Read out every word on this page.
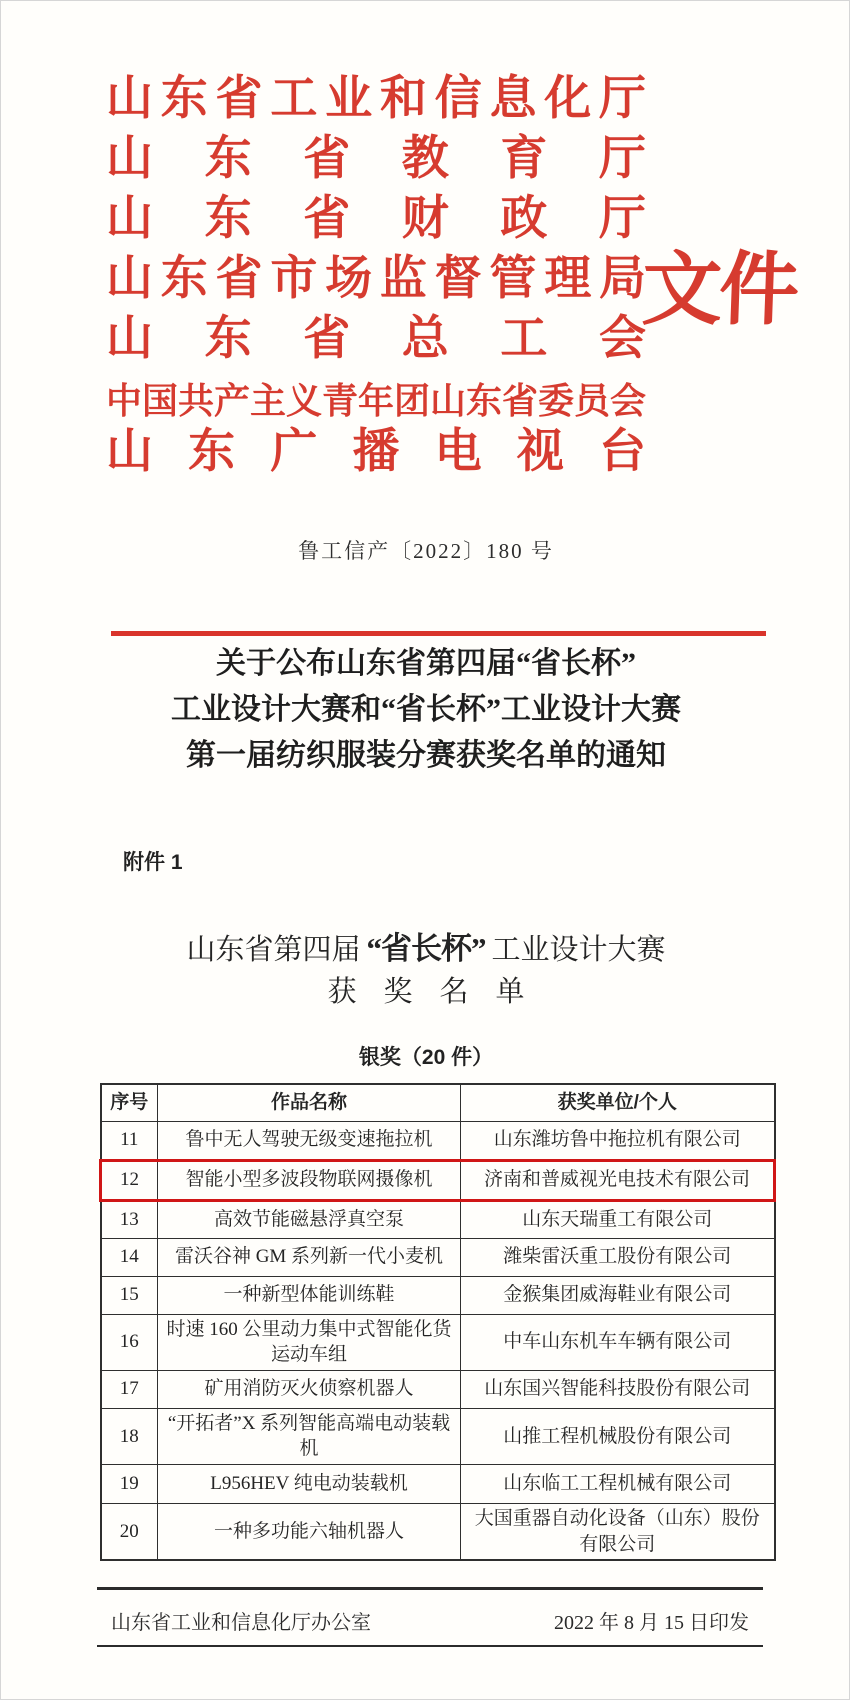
山东省工业和信息化厅
山东省教育厅
山东省财政厅
山东省市场监督管理局
山东省总工会
中国共产主义青年团山东省委员会
山东广播电视台
文件
鲁工信产〔2022〕180 号
关于公布山东省第四届“省长杯”
工业设计大赛和“省长杯”工业设计大赛
第一届纺织服装分赛获奖名单的通知
附件 1
山东省第四届 “省长杯” 工业设计大赛
获奖名单
银奖（20 件）
序号	作品名称	获奖单位/个人
11	鲁中无人驾驶无级变速拖拉机	山东潍坊鲁中拖拉机有限公司
12	智能小型多波段物联网摄像机	济南和普威视光电技术有限公司
13	高效节能磁悬浮真空泵	山东天瑞重工有限公司
14	雷沃谷神 GM 系列新一代小麦机	潍柴雷沃重工股份有限公司
15	一种新型体能训练鞋	金猴集团威海鞋业有限公司
16	时速 160 公里动力集中式智能化货运动车组	中车山东机车车辆有限公司
17	矿用消防灭火侦察机器人	山东国兴智能科技股份有限公司
18	“开拓者”X 系列智能高端电动装载机	山推工程机械股份有限公司
19	L956HEV 纯电动装载机	山东临工工程机械有限公司
20	一种多功能六轴机器人	大国重器自动化设备（山东）股份有限公司
山东省工业和信息化厅办公室	2022 年 8 月 15 日印发
